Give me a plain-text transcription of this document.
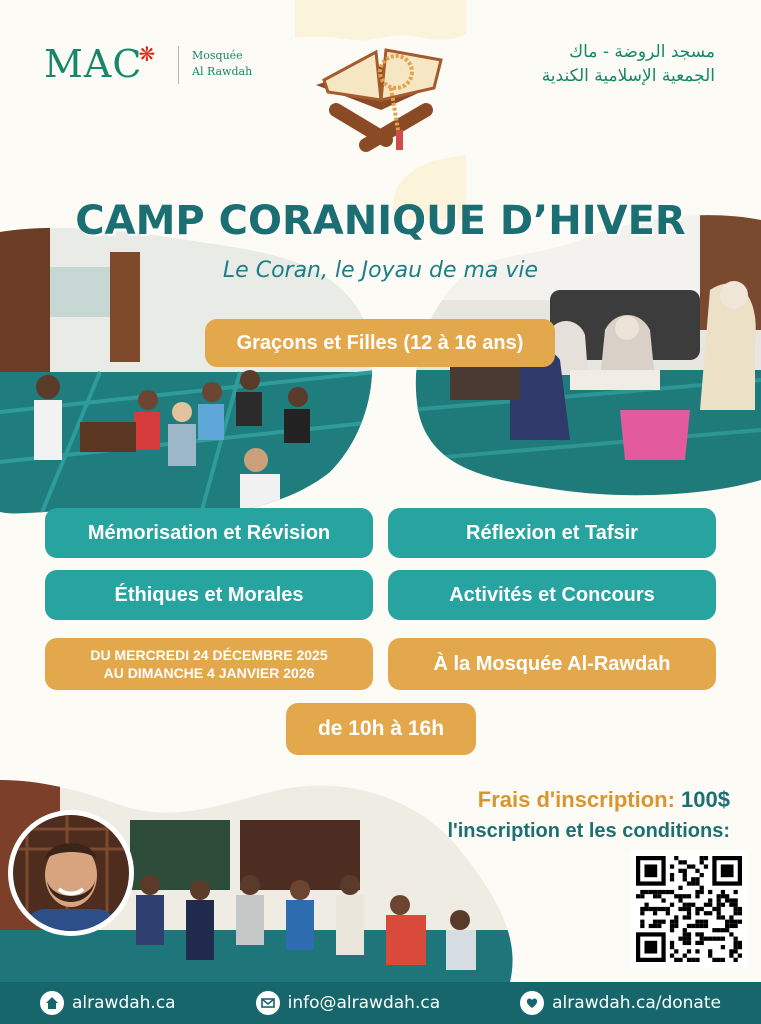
MAC❋	Mosquée
Al Rawdah
مسجد الروضة - ماك
الجمعية الإسلامية الكندية
CAMP CORANIQUE D’HIVER
Le Coran, le Joyau de ma vie
Graçons et Filles (12 à 16 ans)
Mémorisation et Révision	Réflexion et Tafsir
Éthiques et Morales	Activités et Concours
DU MERCREDI 24 DÉCEMBRE 2025
AU DIMANCHE 4 JANVIER 2026	À la Mosquée Al-Rawdah
de 10h à 16h
Frais d'inscription: 100$
l'inscription et les conditions:
alrawdah.ca	info@alrawdah.ca	alrawdah.ca/donate
